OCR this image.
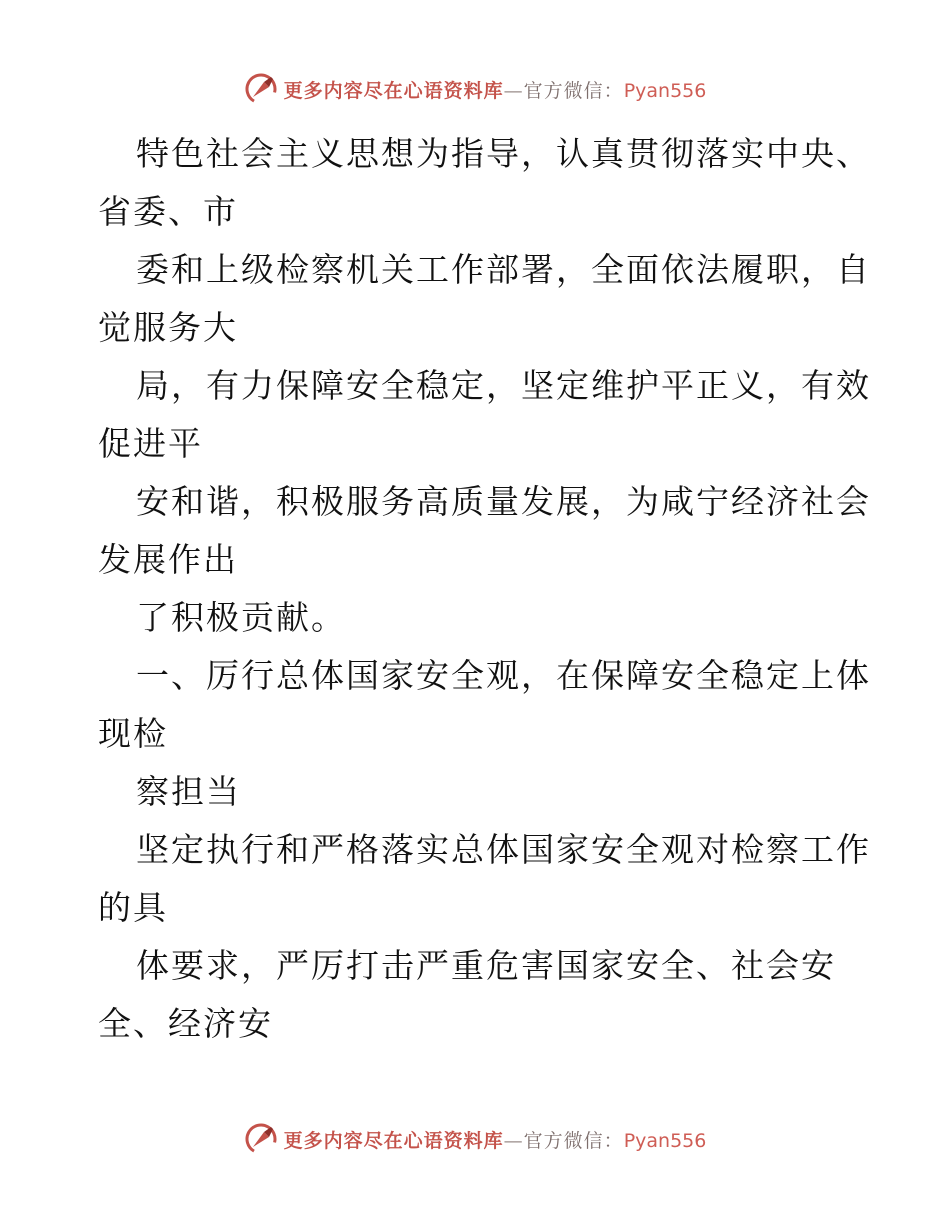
更多内容尽在心语资料库—官方微信：Pyan556
特色社会主义思想为指导，认真贯彻落实中央、
省委、市
委和上级检察机关工作部署，全面依法履职，自
觉服务大
局，有力保障安全稳定，坚定维护平正义，有效
促进平
安和谐，积极服务高质量发展，为咸宁经济社会
发展作出
了积极贡献。
一、厉行总体国家安全观，在保障安全稳定上体
现检
察担当
坚定执行和严格落实总体国家安全观对检察工作
的具
体要求，严厉打击严重危害国家安全、社会安
全、经济安
更多内容尽在心语资料库—官方微信：Pyan556
